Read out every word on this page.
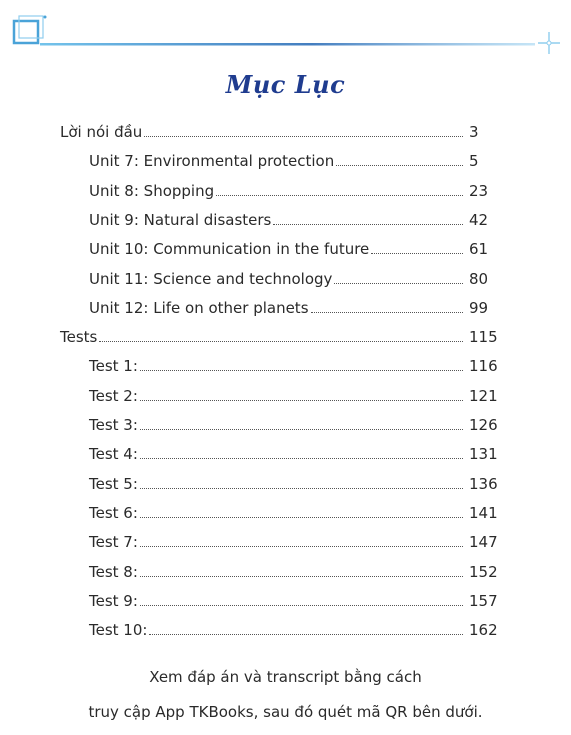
Mục Lục
Lời nói đầu	3
Unit 7: Environmental protection	5
Unit 8: Shopping	23
Unit 9: Natural disasters	42
Unit 10: Communication in the future	61
Unit 11: Science and technology	80
Unit 12: Life on other planets	99
Tests	115
Test 1:	116
Test 2:	121
Test 3:	126
Test 4:	131
Test 5:	136
Test 6:	141
Test 7:	147
Test 8:	152
Test 9:	157
Test 10:	162
Xem đáp án và transcript bằng cách
truy cập App TKBooks, sau đó quét mã QR bên dưới.
